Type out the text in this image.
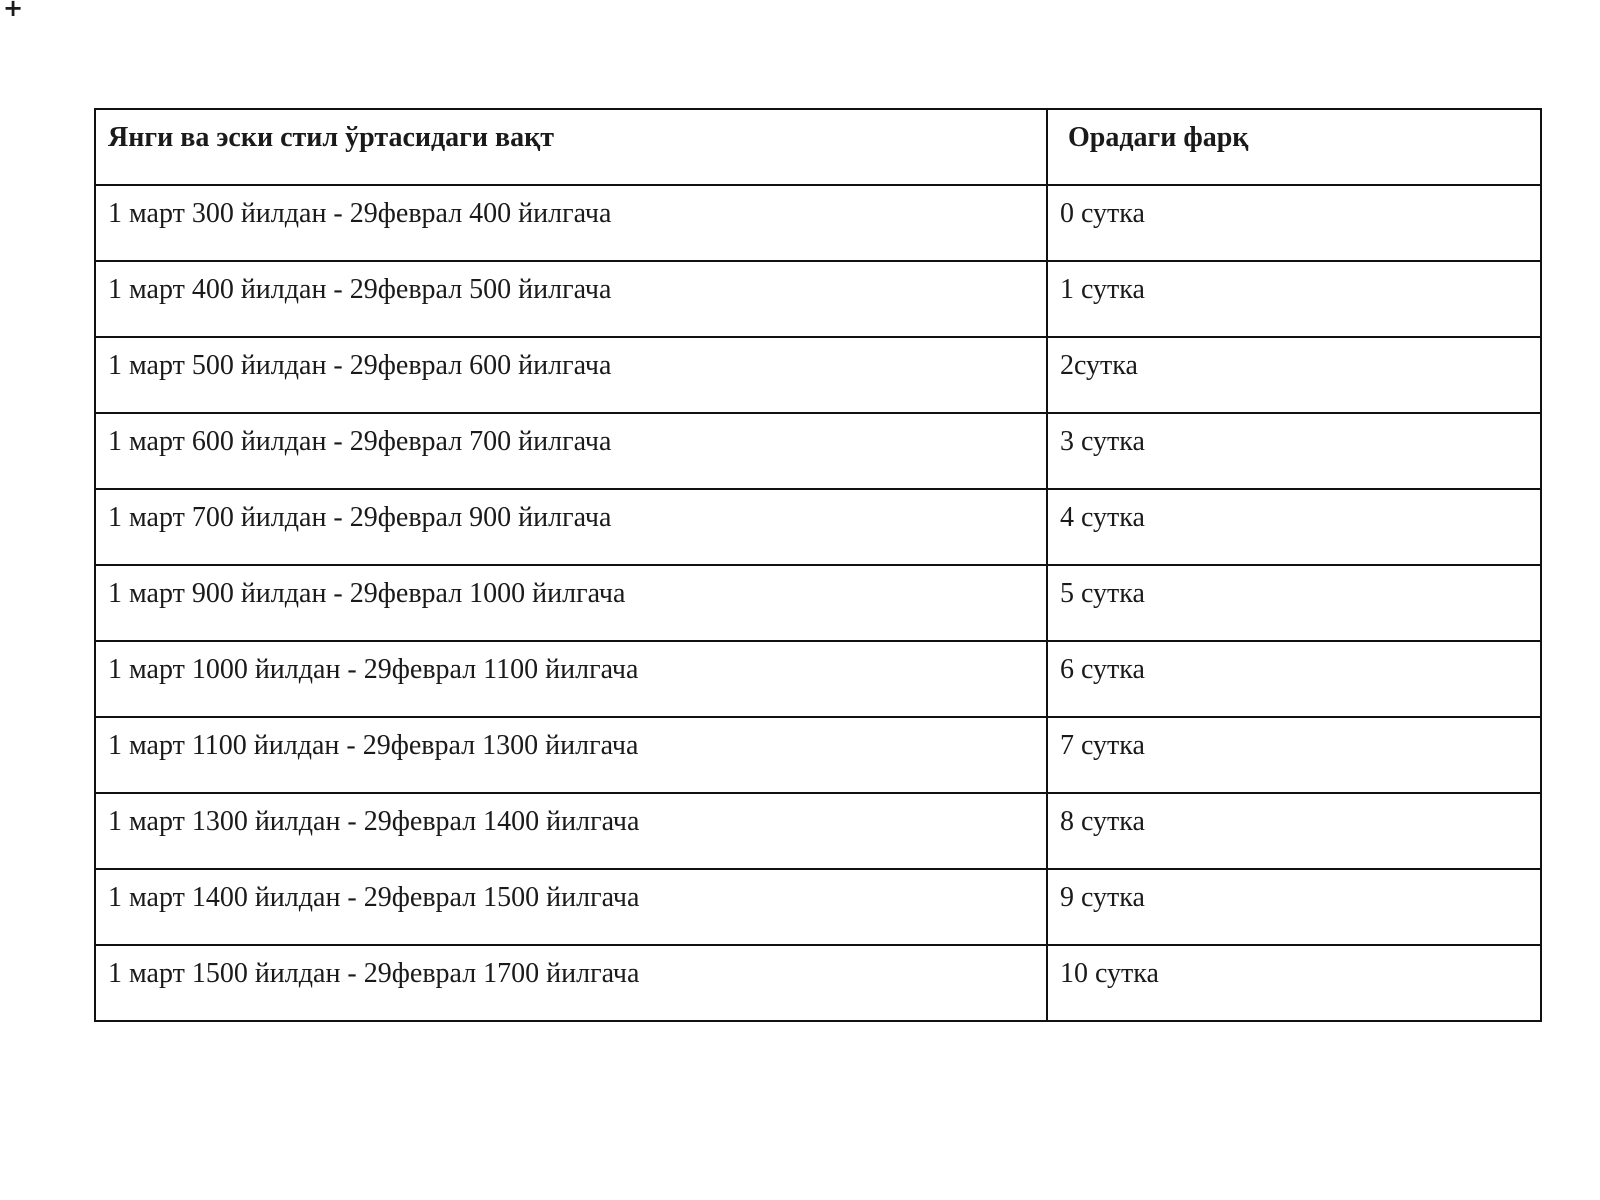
+
Янги ва эски стил ўртасидаги вақт	Орадаги фарқ
1 март 300 йилдан - 29феврал 400 йилгача	0 сутка
1 март 400 йилдан - 29феврал 500 йилгача	1 сутка
1 март 500 йилдан - 29феврал 600 йилгача	2сутка
1 март 600 йилдан - 29феврал 700 йилгача	3 сутка
1 март 700 йилдан - 29феврал 900 йилгача	4 сутка
1 март 900 йилдан - 29феврал 1000 йилгача	5 сутка
1 март 1000 йилдан - 29феврал 1100 йилгача	6 сутка
1 март 1100 йилдан - 29феврал 1300 йилгача	7 сутка
1 март 1300 йилдан - 29феврал 1400 йилгача	8 сутка
1 март 1400 йилдан - 29феврал 1500 йилгача	9 сутка
1 март 1500 йилдан - 29феврал 1700 йилгача	10 сутка
